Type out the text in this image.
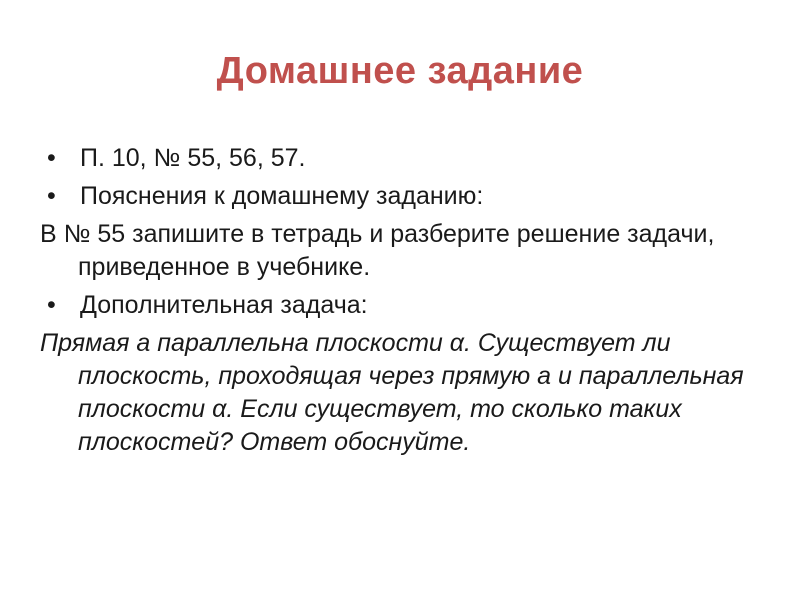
Домашнее задание
• П. 10, № 55, 56, 57.
• Пояснения к домашнему заданию:
В № 55 запишите в тетрадь и разберите решение задачи, приведенное в учебнике.
• Дополнительная задача:
Прямая a параллельна плоскости α. Существует ли плоскость, проходящая через прямую a и параллельная плоскости α. Если существует, то сколько таких плоскостей? Ответ обоснуйте.
